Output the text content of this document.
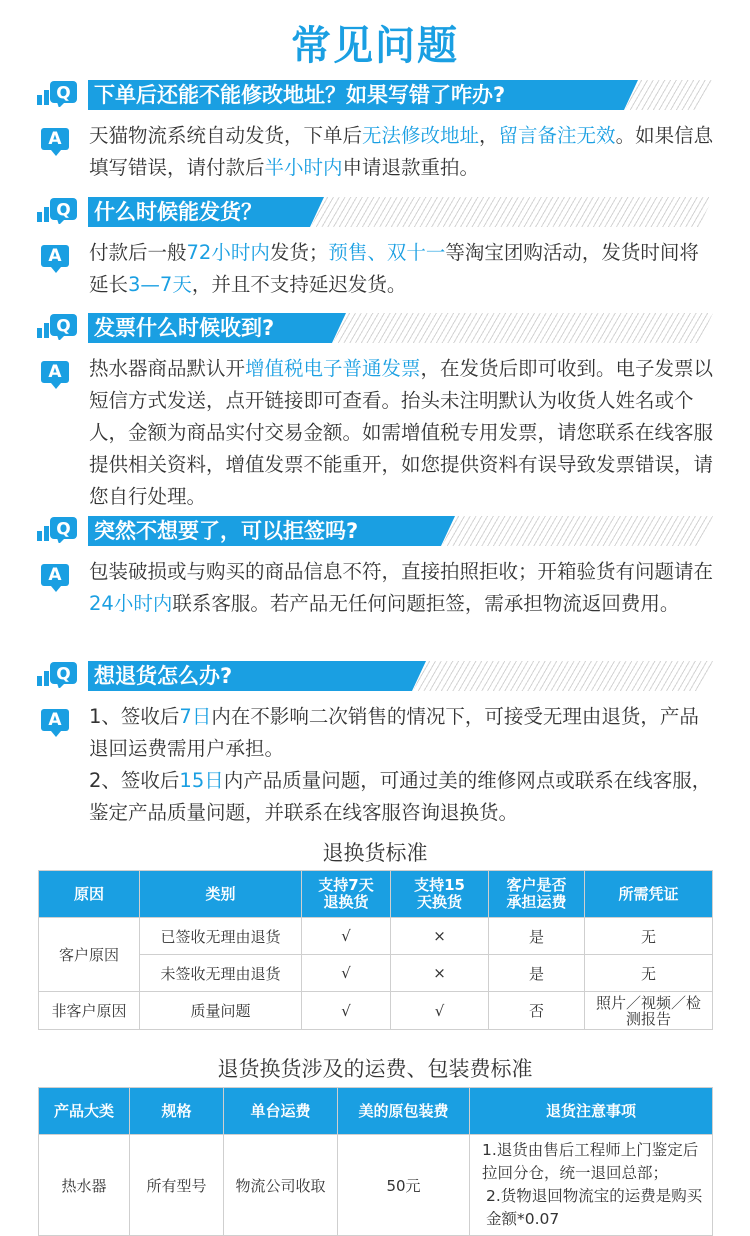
常见问题
Q 下单后还能不能修改地址？如果写错了咋办?
A	天猫物流系统自动发货，下单后无法修改地址，留言备注无效。如果信息填写错误，请付款后半小时内申请退款重拍。
Q 什么时候能发货？
A	付款后一般72小时内发货；预售、双十一等淘宝团购活动，发货时间将延长3—7天，并且不支持延迟发货。
Q 发票什么时候收到?
A	热水器商品默认开增值税电子普通发票，在发货后即可收到。电子发票以短信方式发送，点开链接即可查看。抬头未注明默认为收货人姓名或个人，金额为商品实付交易金额。如需增值税专用发票，请您联系在线客服提供相关资料，增值发票不能重开，如您提供资料有误导致发票错误，请您自行处理。
Q 突然不想要了，可以拒签吗?
A	包装破损或与购买的商品信息不符，直接拍照拒收；开箱验货有问题请在24小时内联系客服。若产品无任何问题拒签，需承担物流返回费用。
Q 想退货怎么办?
A	1、签收后7日内在不影响二次销售的情况下，可接受无理由退货，产品退回运费需用户承担。
2、签收后15日内产品质量问题，可通过美的维修网点或联系在线客服，鉴定产品质量问题，并联系在线客服咨询退换货。
退换货标准
原因	类别	支持7天退换货	支持15天换货	客户是否承担运费	所需凭证
客户原因	已签收无理由退货	√	×	是	无
	未签收无理由退货	√	×	是	无
非客户原因	质量问题	√	√	否	照片／视频／检测报告
退货换货涉及的运费、包装费标准
产品大类	规格	单台运费	美的原包装费	退货注意事项
热水器	所有型号	物流公司收取	50元	1.退货由售后工程师上门鉴定后拉回分仓，统一退回总部；
2.货物退回物流宝的运费是购买金额*0.07
